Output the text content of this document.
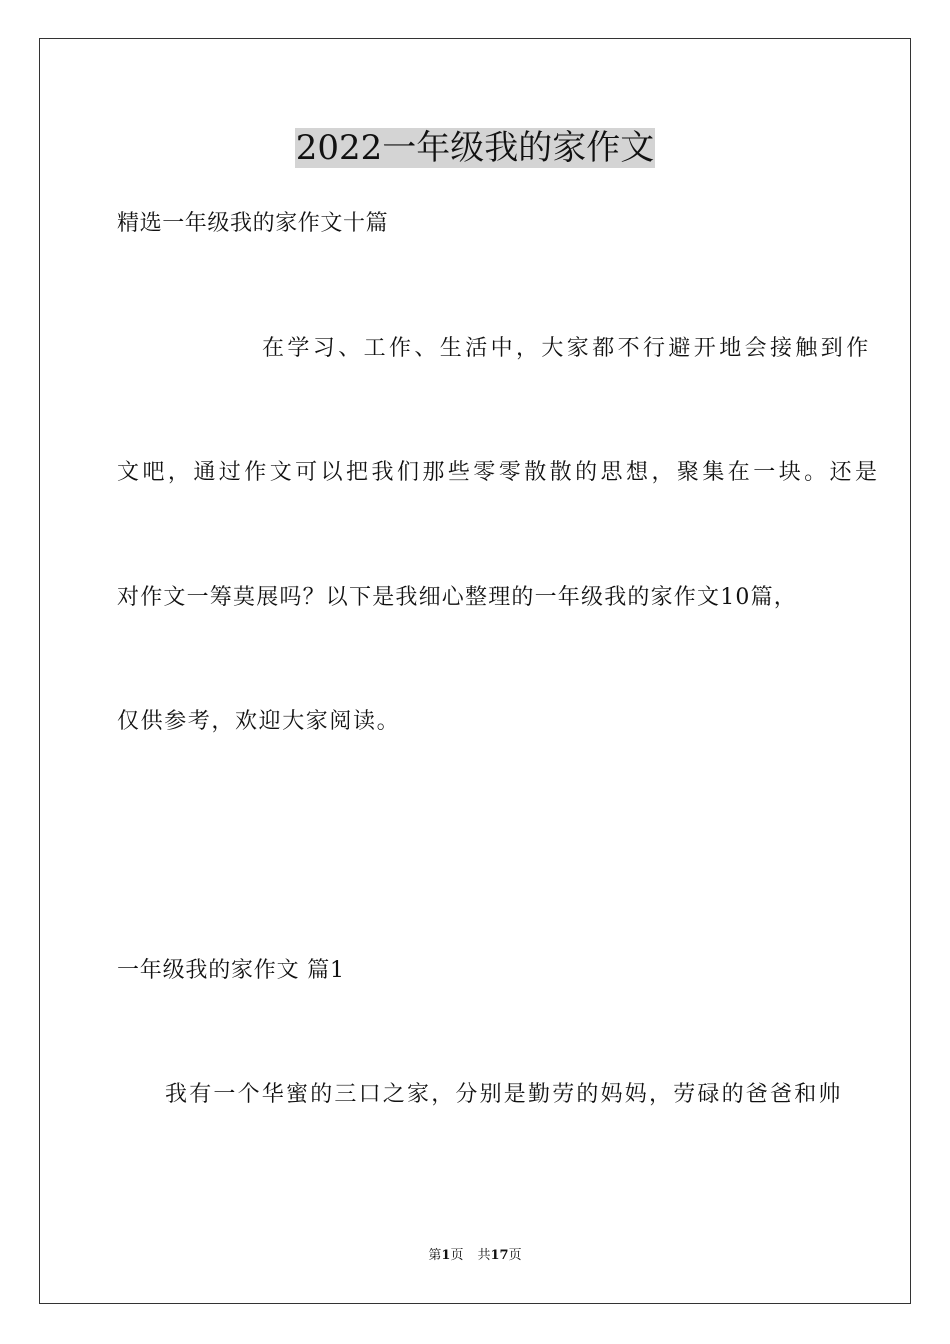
2022一年级我的家作文
精选一年级我的家作文十篇
在学习、工作、生活中，大家都不行避开地会接触到作
文吧，通过作文可以把我们那些零零散散的思想，聚集在一块。还是
对作文一筹莫展吗？以下是我细心整理的一年级我的家作文10篇，
仅供参考，欢迎大家阅读。
一年级我的家作文 篇1
我有一个华蜜的三口之家，分别是勤劳的妈妈，劳碌的爸爸和帅
第1页 共17页
